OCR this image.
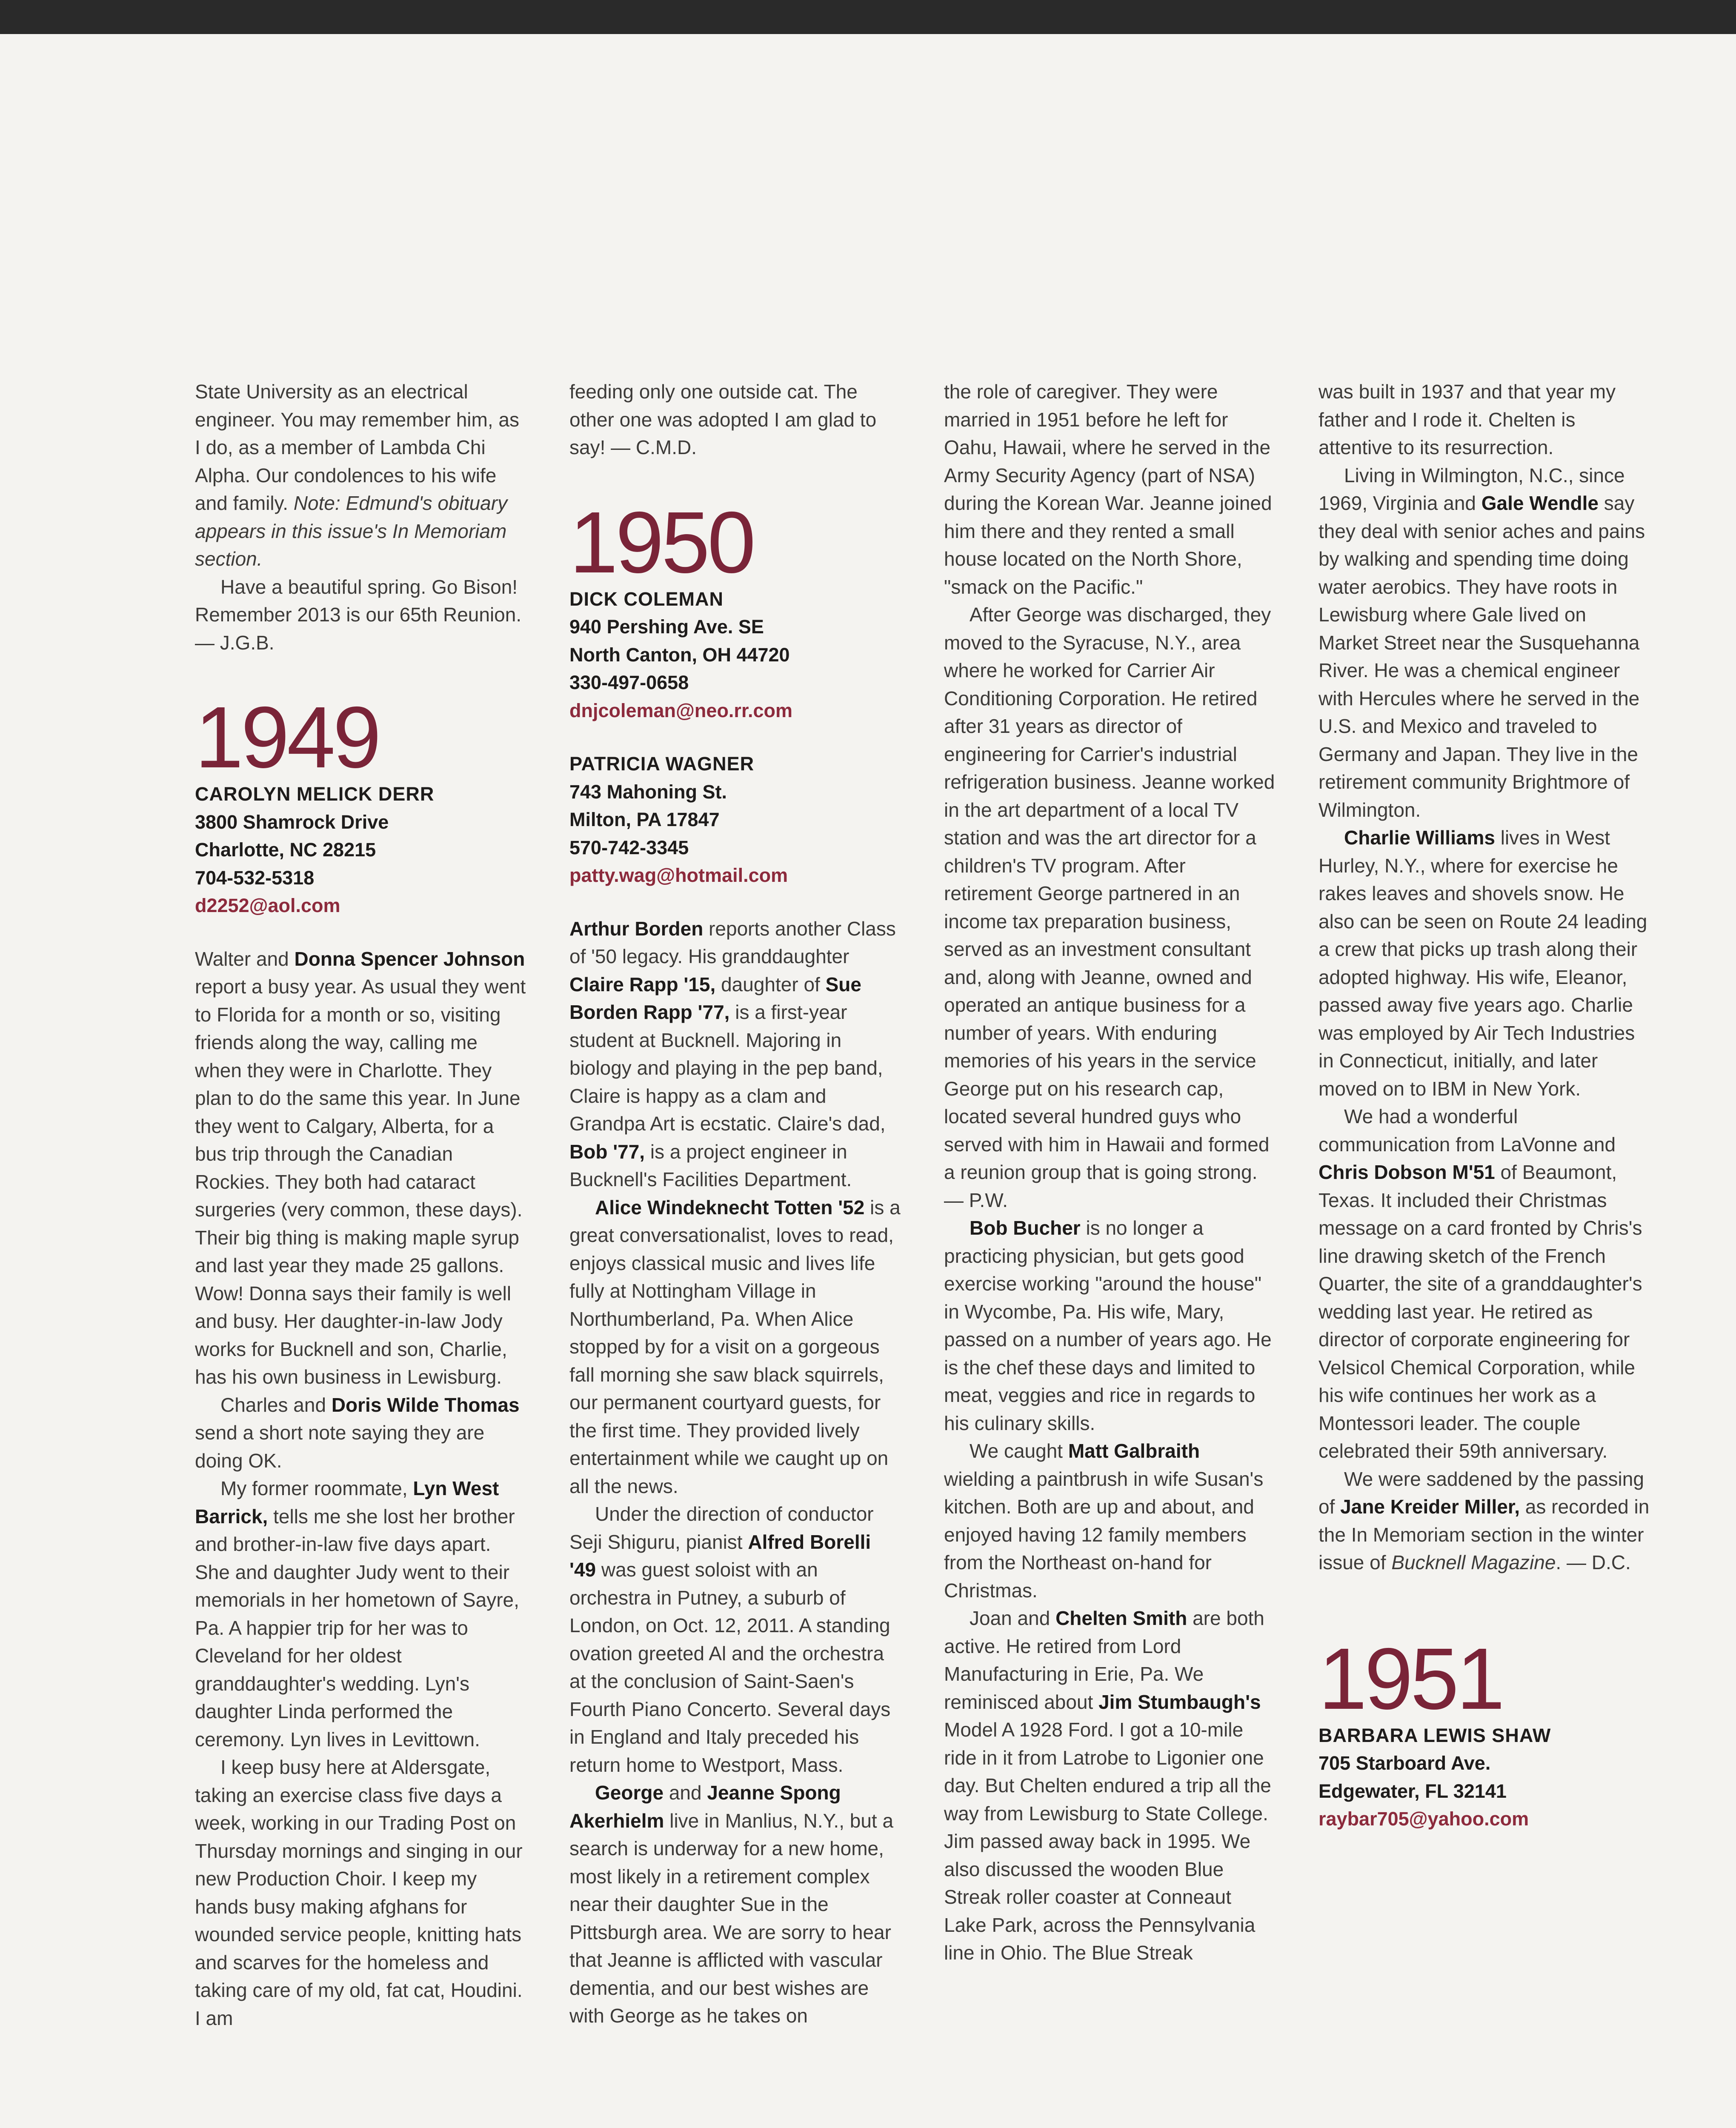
State University as an electrical engineer. You may remember him, as I do, as a member of Lambda Chi Alpha. Our condolences to his wife and family. Note: Edmund's obituary appears in this issue's In Memoriam section.

Have a beautiful spring. Go Bison! Remember 2013 is our 65th Reunion. — J.G.B.

1949
CAROLYN MELICK DERR
3800 Shamrock Drive
Charlotte, NC 28215
704-532-5318
d2252@aol.com

Walter and Donna Spencer Johnson report a busy year. As usual they went to Florida for a month or so, visiting friends along the way, calling me when they were in Charlotte. They plan to do the same this year. In June they went to Calgary, Alberta, for a bus trip through the Canadian Rockies. They both had cataract surgeries (very common, these days). Their big thing is making maple syrup and last year they made 25 gallons. Wow! Donna says their family is well and busy. Her daughter-in-law Jody works for Bucknell and son, Charlie, has his own business in Lewisburg.

Charles and Doris Wilde Thomas send a short note saying they are doing OK.

My former roommate, Lyn West Barrick, tells me she lost her brother and brother-in-law five days apart. She and daughter Judy went to their memorials in her hometown of Sayre, Pa. A happier trip for her was to Cleveland for her oldest granddaughter's wedding. Lyn's daughter Linda performed the ceremony. Lyn lives in Levittown.

I keep busy here at Aldersgate, taking an exercise class five days a week, working in our Trading Post on Thursday mornings and singing in our new Production Choir. I keep my hands busy making afghans for wounded service people, knitting hats and scarves for the homeless and taking care of my old, fat cat, Houdini. I am

feeding only one outside cat. The other one was adopted I am glad to say! — C.M.D.

1950
DICK COLEMAN
940 Pershing Ave. SE
North Canton, OH 44720
330-497-0658
dnjcoleman@neo.rr.com
PATRICIA WAGNER
743 Mahoning St.
Milton, PA 17847
570-742-3345
patty.wag@hotmail.com

Arthur Borden reports another Class of '50 legacy. His granddaughter Claire Rapp '15, daughter of Sue Borden Rapp '77, is a first-year student at Bucknell. Majoring in biology and playing in the pep band, Claire is happy as a clam and Grandpa Art is ecstatic. Claire's dad, Bob '77, is a project engineer in Bucknell's Facilities Department.

Alice Windeknecht Totten '52 is a great conversationalist, loves to read, enjoys classical music and lives life fully at Nottingham Village in Northumberland, Pa. When Alice stopped by for a visit on a gorgeous fall morning she saw black squirrels, our permanent courtyard guests, for the first time. They provided lively entertainment while we caught up on all the news.

Under the direction of conductor Seji Shiguru, pianist Alfred Borelli '49 was guest soloist with an orchestra in Putney, a suburb of London, on Oct. 12, 2011. A standing ovation greeted Al and the orchestra at the conclusion of Saint-Saen's Fourth Piano Concerto. Several days in England and Italy preceded his return home to Westport, Mass.

George and Jeanne Spong Akerhielm live in Manlius, N.Y., but a search is underway for a new home, most likely in a retirement complex near their daughter Sue in the Pittsburgh area. We are sorry to hear that Jeanne is afflicted with vascular dementia, and our best wishes are with George as he takes on

the role of caregiver. They were married in 1951 before he left for Oahu, Hawaii, where he served in the Army Security Agency (part of NSA) during the Korean War. Jeanne joined him there and they rented a small house located on the North Shore, "smack on the Pacific."

After George was discharged, they moved to the Syracuse, N.Y., area where he worked for Carrier Air Conditioning Corporation. He retired after 31 years as director of engineering for Carrier's industrial refrigeration business. Jeanne worked in the art department of a local TV station and was the art director for a children's TV program. After retirement George partnered in an income tax preparation business, served as an investment consultant and, along with Jeanne, owned and operated an antique business for a number of years. With enduring memories of his years in the service George put on his research cap, located several hundred guys who served with him in Hawaii and formed a reunion group that is going strong. — P.W.

Bob Bucher is no longer a practicing physician, but gets good exercise working "around the house" in Wycombe, Pa. His wife, Mary, passed on a number of years ago. He is the chef these days and limited to meat, veggies and rice in regards to his culinary skills.

We caught Matt Galbraith wielding a paintbrush in wife Susan's kitchen. Both are up and about, and enjoyed having 12 family members from the Northeast on-hand for Christmas.

Joan and Chelten Smith are both active. He retired from Lord Manufacturing in Erie, Pa. We reminisced about Jim Stumbaugh's Model A 1928 Ford. I got a 10-mile ride in it from Latrobe to Ligonier one day. But Chelten endured a trip all the way from Lewisburg to State College. Jim passed away back in 1995. We also discussed the wooden Blue Streak roller coaster at Conneaut Lake Park, across the Pennsylvania line in Ohio. The Blue Streak

was built in 1937 and that year my father and I rode it. Chelten is attentive to its resurrection.

Living in Wilmington, N.C., since 1969, Virginia and Gale Wendle say they deal with senior aches and pains by walking and spending time doing water aerobics. They have roots in Lewisburg where Gale lived on Market Street near the Susquehanna River. He was a chemical engineer with Hercules where he served in the U.S. and Mexico and traveled to Germany and Japan. They live in the retirement community Brightmore of Wilmington.

Charlie Williams lives in West Hurley, N.Y., where for exercise he rakes leaves and shovels snow. He also can be seen on Route 24 leading a crew that picks up trash along their adopted highway. His wife, Eleanor, passed away five years ago. Charlie was employed by Air Tech Industries in Connecticut, initially, and later moved on to IBM in New York.

We had a wonderful communication from LaVonne and Chris Dobson M'51 of Beaumont, Texas. It included their Christmas message on a card fronted by Chris's line drawing sketch of the French Quarter, the site of a granddaughter's wedding last year. He retired as director of corporate engineering for Velsicol Chemical Corporation, while his wife continues her work as a Montessori leader. The couple celebrated their 59th anniversary.

We were saddened by the passing of Jane Kreider Miller, as recorded in the In Memoriam section in the winter issue of Bucknell Magazine. — D.C.

1951
BARBARA LEWIS SHAW
705 Starboard Ave.
Edgewater, FL 32141
raybar705@yahoo.com
